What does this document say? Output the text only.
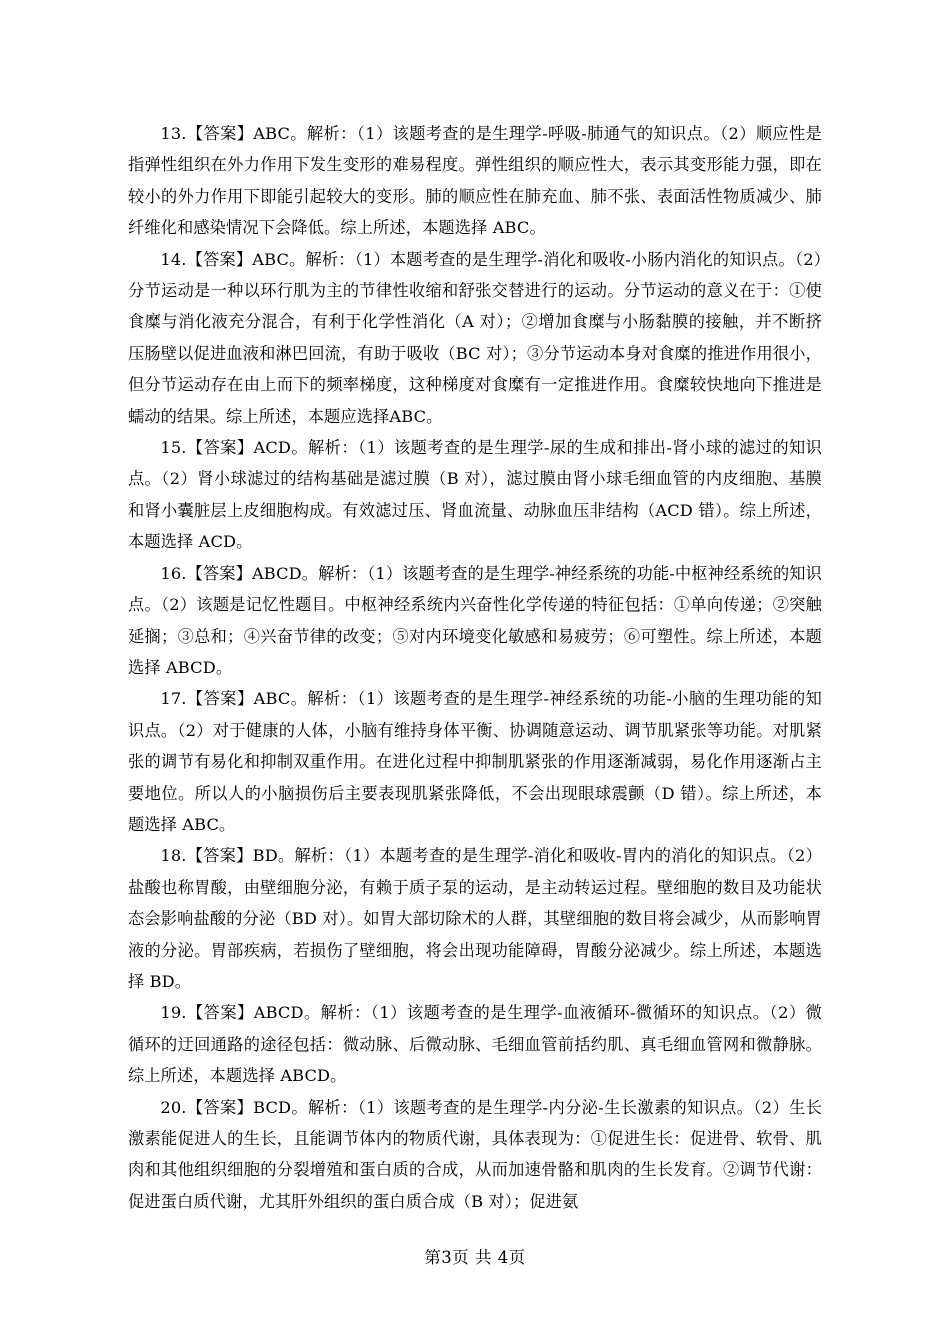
13.【答案】ABC。解析：（1）该题考查的是生理学-呼吸-肺通气的知识点。（2）顺应性是指弹性组织在外力作用下发生变形的难易程度。弹性组织的顺应性大，表示其变形能力强，即在较小的外力作用下即能引起较大的变形。肺的顺应性在肺充血、肺不张、表面活性物质减少、肺纤维化和感染情况下会降低。综上所述，本题选择 ABC。

14.【答案】ABC。解析：（1）本题考查的是生理学-消化和吸收-小肠内消化的知识点。（2）分节运动是一种以环行肌为主的节律性收缩和舒张交替进行的运动。分节运动的意义在于：①使食糜与消化液充分混合，有利于化学性消化（A 对）；②增加食糜与小肠黏膜的接触，并不断挤压肠壁以促进血液和淋巴回流，有助于吸收（BC 对）；③分节运动本身对食糜的推进作用很小，但分节运动存在由上而下的频率梯度，这种梯度对食糜有一定推进作用。食糜较快地向下推进是蠕动的结果。综上所述，本题应选择ABC。

15.【答案】ACD。解析：（1）该题考查的是生理学-尿的生成和排出-肾小球的滤过的知识点。（2）肾小球滤过的结构基础是滤过膜（B 对），滤过膜由肾小球毛细血管的内皮细胞、基膜和肾小囊脏层上皮细胞构成。有效滤过压、肾血流量、动脉血压非结构（ACD 错）。综上所述，本题选择 ACD。

16.【答案】ABCD。解析：（1）该题考查的是生理学-神经系统的功能-中枢神经系统的知识点。（2）该题是记忆性题目。中枢神经系统内兴奋性化学传递的特征包括：①单向传递；②突触延搁；③总和；④兴奋节律的改变；⑤对内环境变化敏感和易疲劳；⑥可塑性。综上所述，本题选择 ABCD。

17.【答案】ABC。解析：（1）该题考查的是生理学-神经系统的功能-小脑的生理功能的知识点。（2）对于健康的人体，小脑有维持身体平衡、协调随意运动、调节肌紧张等功能。对肌紧张的调节有易化和抑制双重作用。在进化过程中抑制肌紧张的作用逐渐减弱，易化作用逐渐占主要地位。所以人的小脑损伤后主要表现肌紧张降低，不会出现眼球震颤（D 错）。综上所述，本题选择 ABC。

18.【答案】BD。解析：（1）本题考查的是生理学-消化和吸收-胃内的消化的知识点。（2）盐酸也称胃酸，由壁细胞分泌，有赖于质子泵的运动，是主动转运过程。壁细胞的数目及功能状态会影响盐酸的分泌（BD 对）。如胃大部切除术的人群，其壁细胞的数目将会减少，从而影响胃液的分泌。胃部疾病，若损伤了壁细胞，将会出现功能障碍，胃酸分泌减少。综上所述，本题选择 BD。

19.【答案】ABCD。解析：（1）该题考查的是生理学-血液循环-微循环的知识点。（2）微循环的迂回通路的途径包括：微动脉、后微动脉、毛细血管前括约肌、真毛细血管网和微静脉。综上所述，本题选择 ABCD。

20.【答案】BCD。解析：（1）该题考查的是生理学-内分泌-生长激素的知识点。（2）生长激素能促进人的生长，且能调节体内的物质代谢，具体表现为：①促进生长：促进骨、软骨、肌肉和其他组织细胞的分裂增殖和蛋白质的合成，从而加速骨骼和肌肉的生长发育。②调节代谢：促进蛋白质代谢，尤其肝外组织的蛋白质合成（B 对）；促进氨

第3页 共 4页
